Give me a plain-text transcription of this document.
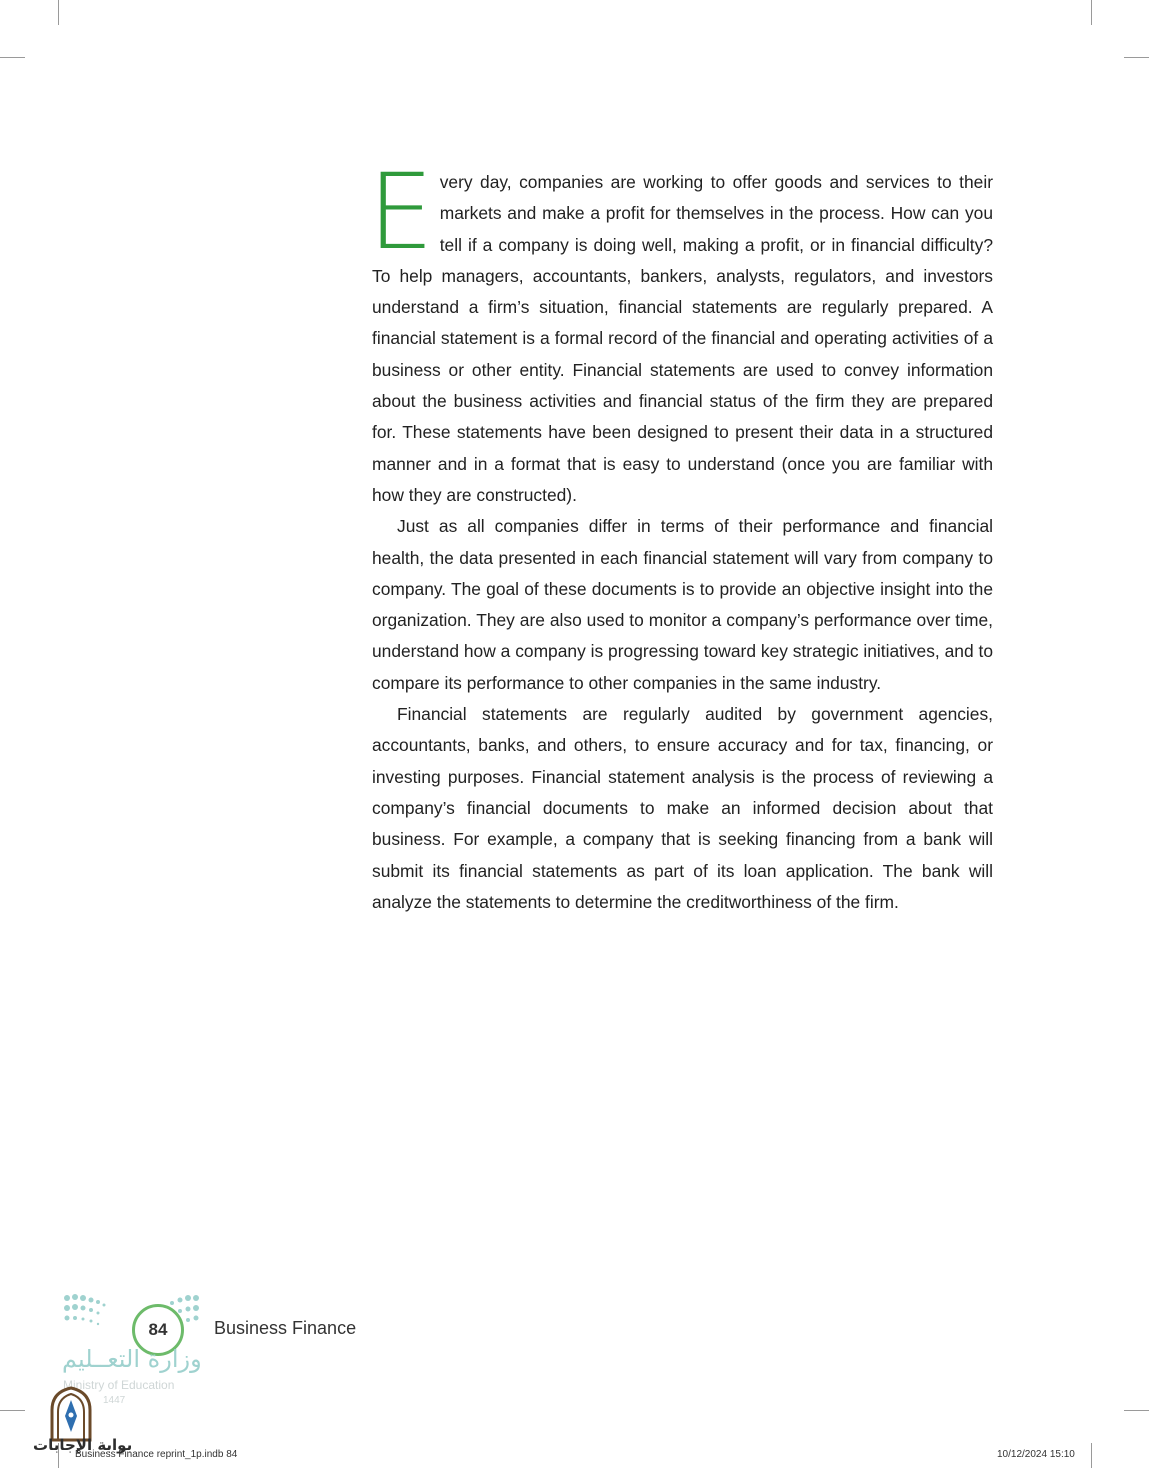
Every day, companies are working to offer goods and services to their markets and make a profit for themselves in the process. How can you tell if a company is doing well, making a profit, or in financial difficulty? To help managers, accountants, bankers, analysts, regulators, and investors understand a firm’s situation, financial statements are regularly prepared. A financial statement is a formal record of the financial and operating activities of a business or other entity. Financial statements are used to convey information about the business activities and financial status of the firm they are prepared for. These statements have been designed to present their data in a structured manner and in a format that is easy to understand (once you are familiar with how they are constructed).

Just as all companies differ in terms of their performance and financial health, the data presented in each financial statement will vary from company to company. The goal of these documents is to provide an objective insight into the organization. They are also used to monitor a company’s performance over time, understand how a company is progressing toward key strategic initiatives, and to compare its performance to other companies in the same industry.

Financial statements are regularly audited by government agencies, accountants, banks, and others, to ensure accuracy and for tax, financing, or investing purposes. Financial statement analysis is the process of reviewing a company’s financial documents to make an informed decision about that business. For example, a company that is seeking financing from a bank will submit its financial statements as part of its loan application. The bank will analyze the statements to determine the creditworthiness of the firm.

84	Business Finance
وزارة التعــليم
Ministry of Education
1447
بوابة الإجابات
Business Finance reprint_1p.indb 84	10/12/2024 15:10
